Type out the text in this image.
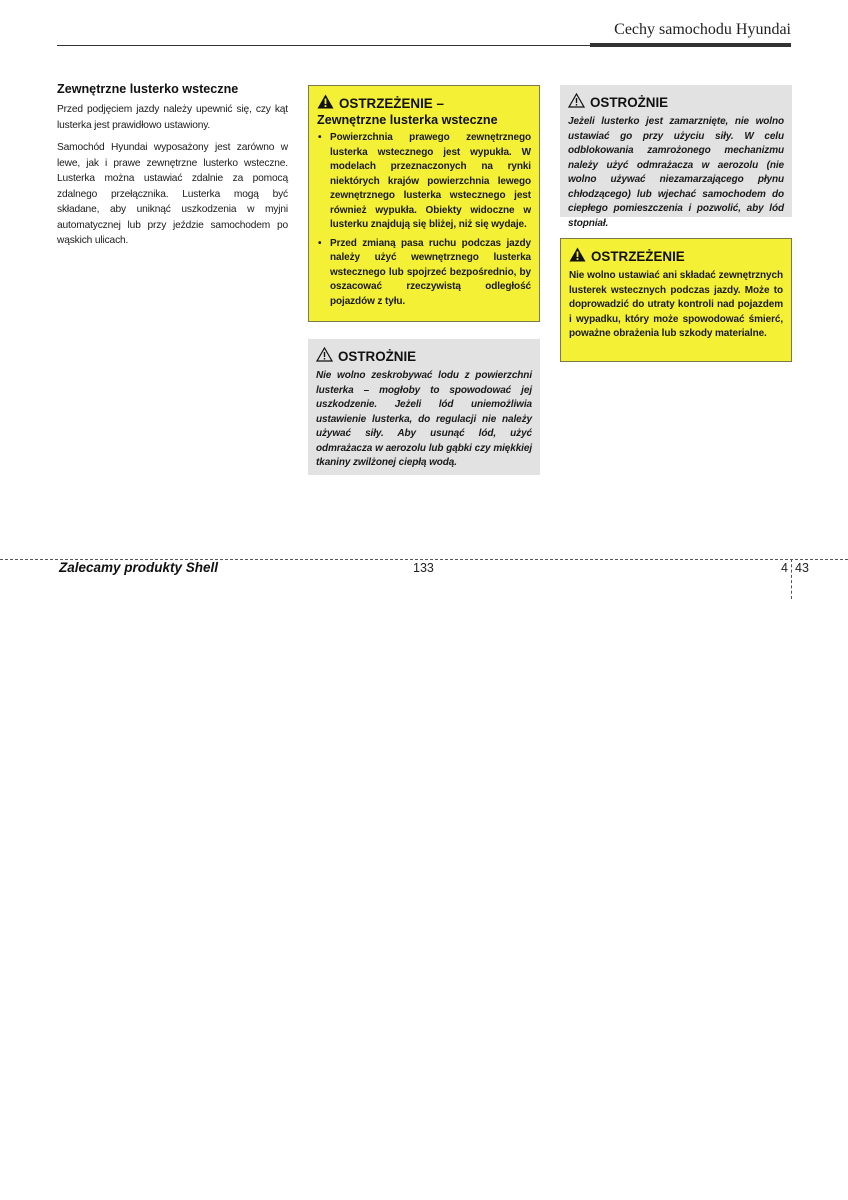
Cechy samochodu Hyundai
Zewnętrzne lusterko wsteczne

Przed podjęciem jazdy należy upewnić się, czy kąt lusterka jest prawidłowo ustawiony.

Samochód Hyundai wyposażony jest zarówno w lewe, jak i prawe zewnętrzne lusterko wsteczne. Lusterka można ustawiać zdalnie za pomocą zdalnego przełącznika. Lusterka mogą być składane, aby uniknąć uszkodzenia w myjni automatycznej lub przy jeździe samochodem po wąskich ulicach.

OSTRZEŻENIE –
Zewnętrzne lusterka wsteczne
• Powierzchnia prawego zewnętrznego lusterka wstecznego jest wypukła. W modelach przeznaczonych na rynki niektórych krajów powierzchnia lewego zewnętrznego lusterka wstecznego jest również wypukła. Obiekty widoczne w lusterku znajdują się bliżej, niż się wydaje.
• Przed zmianą pasa ruchu podczas jazdy należy użyć wewnętrznego lusterka wstecznego lub spojrzeć bezpośrednio, by oszacować rzeczywistą odległość pojazdów z tyłu.
OSTROŻNIE

Nie wolno zeskrobywać lodu z powierzchni lusterka – mogłoby to spowodować jej uszkodzenie. Jeżeli lód uniemożliwia ustawienie lusterka, do regulacji nie należy używać siły. Aby usunąć lód, użyć odmrażacza w aerozolu lub gąbki czy miękkiej tkaniny zwilżonej ciepłą wodą.

OSTROŻNIE

Jeżeli lusterko jest zamarznięte, nie wolno ustawiać go przy użyciu siły. W celu odblokowania zamrożonego mechanizmu należy użyć odmrażacza w aerozolu (nie wolno używać niezamarzającego płynu chłodzącego) lub wjechać samochodem do ciepłego pomieszczenia i pozwolić, aby lód stopniał.

OSTRZEŻENIE

Nie wolno ustawiać ani składać zewnętrznych lusterek wstecznych podczas jazdy. Może to doprowadzić do utraty kontroli nad pojazdem i wypadku, który może spowodować śmierć, poważne obrażenia lub szkody materialne.

Zalecamy produkty Shell	133	4 43
